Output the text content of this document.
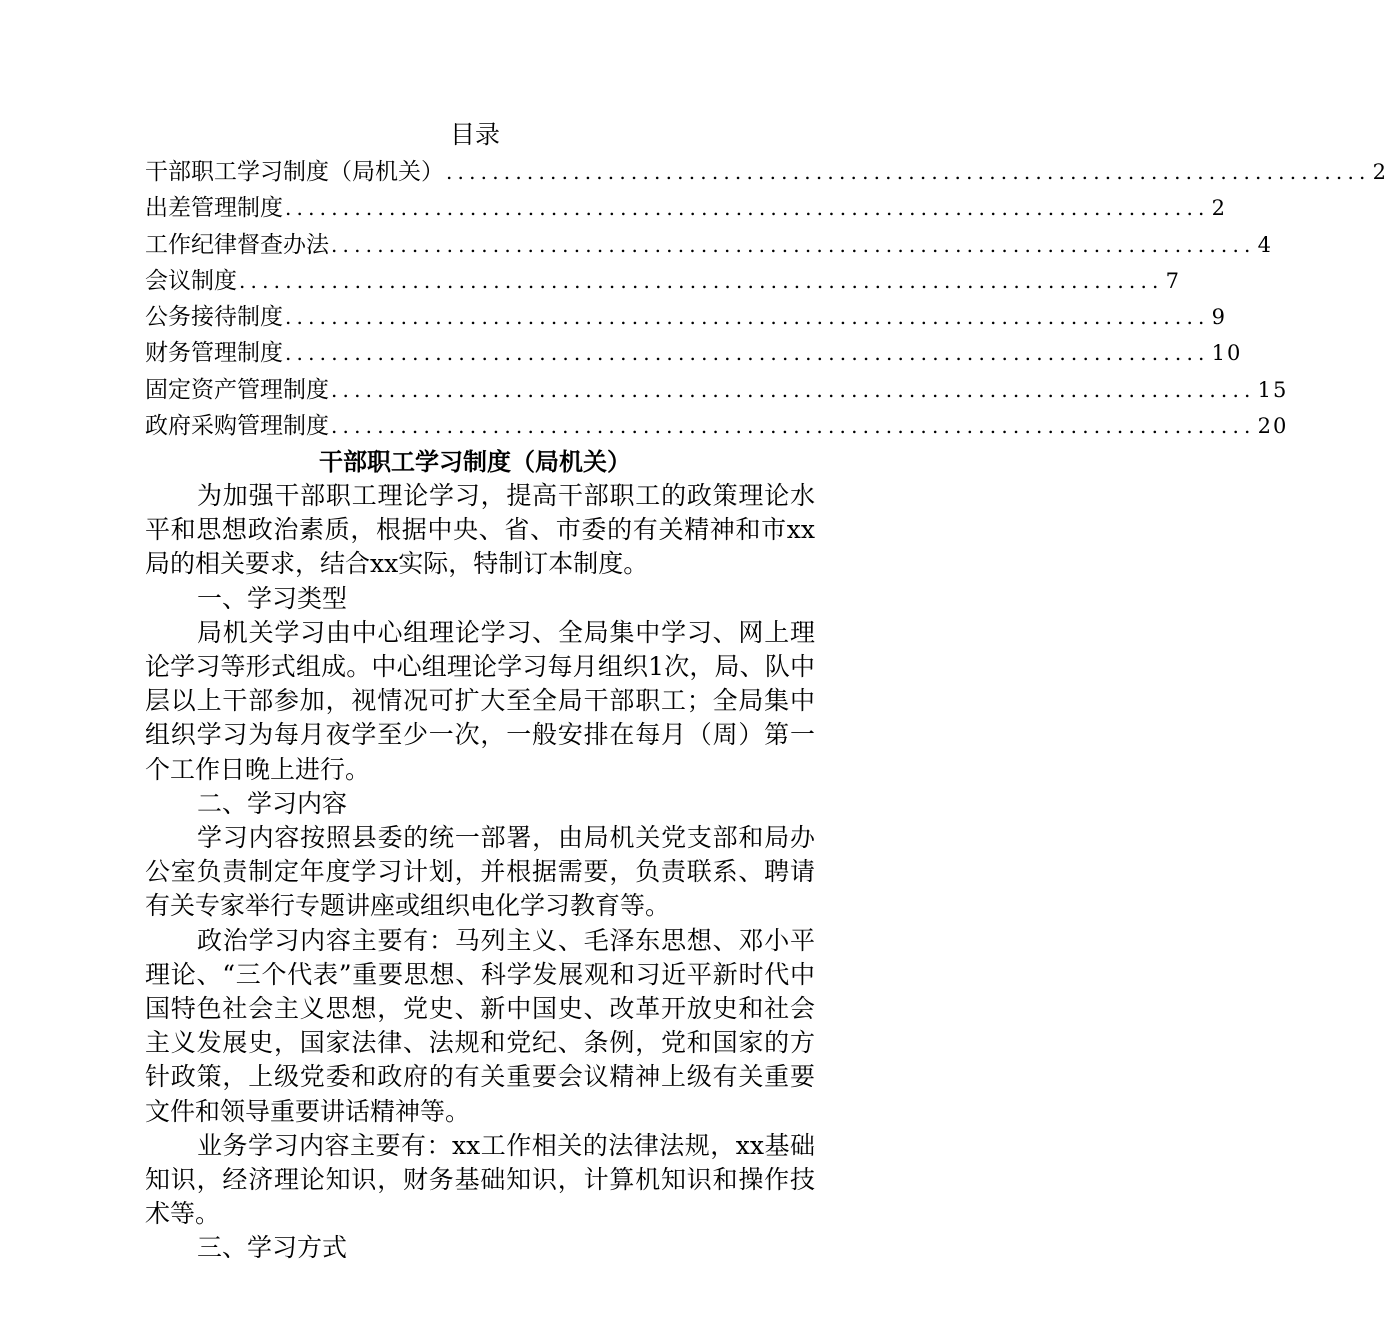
目录
干部职工学习制度（局机关） ................................................................................ 2
出差管理制度 ................................................................................ 2
工作纪律督查办法 ................................................................................ 4
会议制度 ................................................................................ 7
公务接待制度 ................................................................................ 9
财务管理制度 ................................................................................ 10
固定资产管理制度 ................................................................................ 15
政府采购管理制度 ................................................................................ 20
干部职工学习制度（局机关）

为加强干部职工理论学习，提高干部职工的政策理论水平和思想政治素质，根据中央、省、市委的有关精神和市xx局的相关要求，结合xx实际，特制订本制度。

一、学习类型

局机关学习由中心组理论学习、全局集中学习、网上理论学习等形式组成。中心组理论学习每月组织1次，局、队中层以上干部参加，视情况可扩大至全局干部职工；全局集中组织学习为每月夜学至少一次，一般安排在每月（周）第一个工作日晚上进行。

二、学习内容

学习内容按照县委的统一部署，由局机关党支部和局办公室负责制定年度学习计划，并根据需要，负责联系、聘请有关专家举行专题讲座或组织电化学习教育等。

政治学习内容主要有：马列主义、毛泽东思想、邓小平理论、“三个代表”重要思想、科学发展观和习近平新时代中国特色社会主义思想，党史、新中国史、改革开放史和社会主义发展史，国家法律、法规和党纪、条例，党和国家的方针政策，上级党委和政府的有关重要会议精神上级有关重要文件和领导重要讲话精神等。

业务学习内容主要有：xx工作相关的法律法规，xx基础知识，经济理论知识，财务基础知识，计算机知识和操作技术等。

三、学习方式
